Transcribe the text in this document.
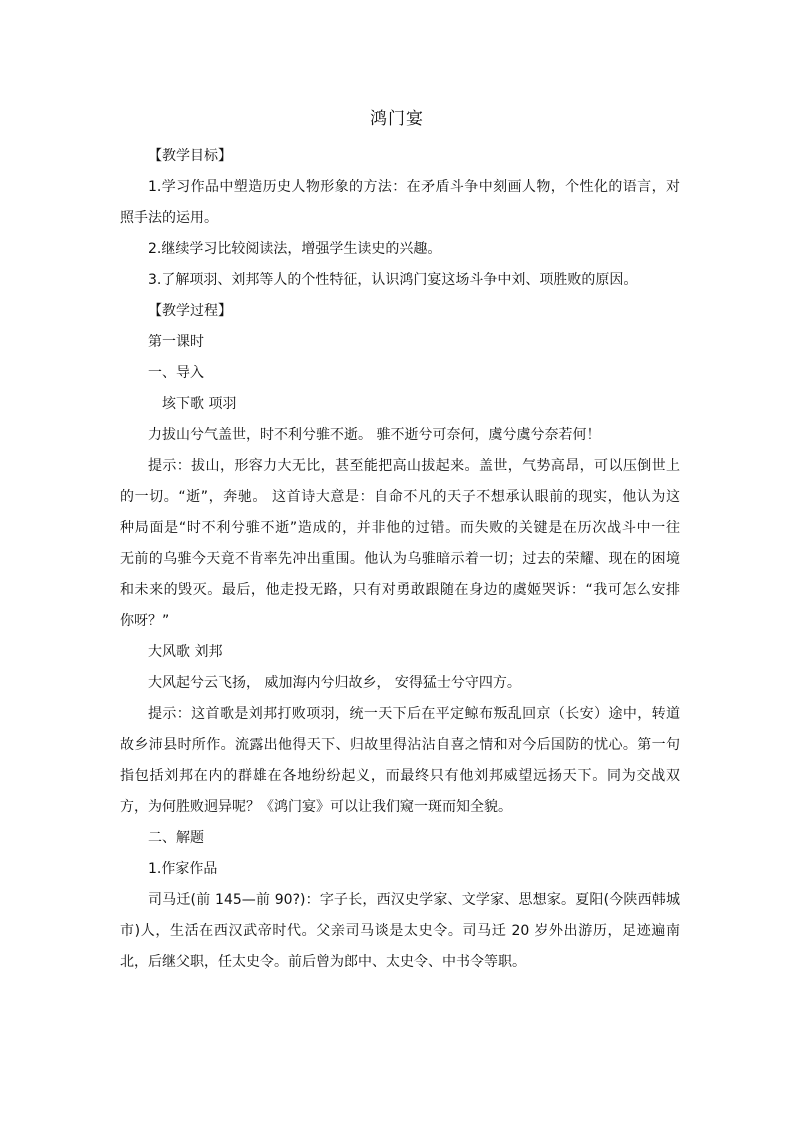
鸿门宴
【教学目标】
1.学习作品中塑造历史人物形象的方法：在矛盾斗争中刻画人物，个性化的语言，对
照手法的运用。
2.继续学习比较阅读法，增强学生读史的兴趣。
3.了解项羽、刘邦等人的个性特征，认识鸿门宴这场斗争中刘、项胜败的原因。
【教学过程】
第一课时
一、导入
垓下歌 项羽
力拔山兮气盖世，时不利兮骓不逝。 骓不逝兮可奈何，虞兮虞兮奈若何！
提示：拔山，形容力大无比，甚至能把高山拔起来。盖世，气势高昂，可以压倒世上
的一切。“逝”，奔驰。 这首诗大意是：自命不凡的天子不想承认眼前的现实，他认为这
种局面是“时不利兮骓不逝”造成的，并非他的过错。而失败的关键是在历次战斗中一往
无前的乌骓今天竟不肯率先冲出重围。他认为乌骓暗示着一切；过去的荣耀、现在的困境
和未来的毁灭。最后，他走投无路，只有对勇敢跟随在身边的虞姬哭诉：“我可怎么安排
你呀？”
大风歌 刘邦
大风起兮云飞扬， 威加海内兮归故乡， 安得猛士兮守四方。
提示：这首歌是刘邦打败项羽，统一天下后在平定鲸布叛乱回京（长安）途中，转道
故乡沛县时所作。流露出他得天下、归故里得沾沾自喜之情和对今后国防的忧心。第一句
指包括刘邦在内的群雄在各地纷纷起义，而最终只有他刘邦威望远扬天下。同为交战双
方，为何胜败迥异呢？《鸿门宴》可以让我们窥一斑而知全貌。
二、解题
1.作家作品
司马迁(前 145—前 90?)：字子长，西汉史学家、文学家、思想家。夏阳(今陕西韩城
市)人，生活在西汉武帝时代。父亲司马谈是太史令。司马迁 20 岁外出游历，足迹遍南
北，后继父职，任太史令。前后曾为郎中、太史令、中书令等职。
